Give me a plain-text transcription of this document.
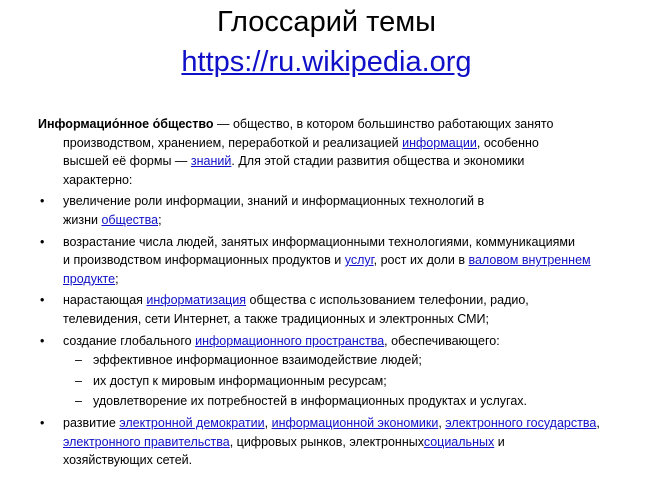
Глоссарий темы
https://ru.wikipedia.org
Информацио́нное о́бщество — общество, в котором большинство работающих занято
производством, хранением, переработкой и реализацией информации, особенно
высшей её формы — знаний. Для этой стадии развития общества и экономики
характерно:
• увеличение роли информации, знаний и информационных технологий в
жизни общества;
• возрастание числа людей, занятых информационными технологиями, коммуникациями
и производством информационных продуктов и услуг, рост их доли в валовом внутреннем продукте;
• нарастающая информатизация общества с использованием телефонии, радио,
телевидения, сети Интернет, а также традиционных и электронных СМИ;
• создание глобального информационного пространства, обеспечивающего:
– эффективное информационное взаимодействие людей;
– их доступ к мировым информационным ресурсам;
– удовлетворение их потребностей в информационных продуктах и услугах.
• развитие электронной демократии, информационной экономики, электронного государства, электронного правительства, цифровых рынков, электронныхсоциальных и
хозяйствующих сетей.
